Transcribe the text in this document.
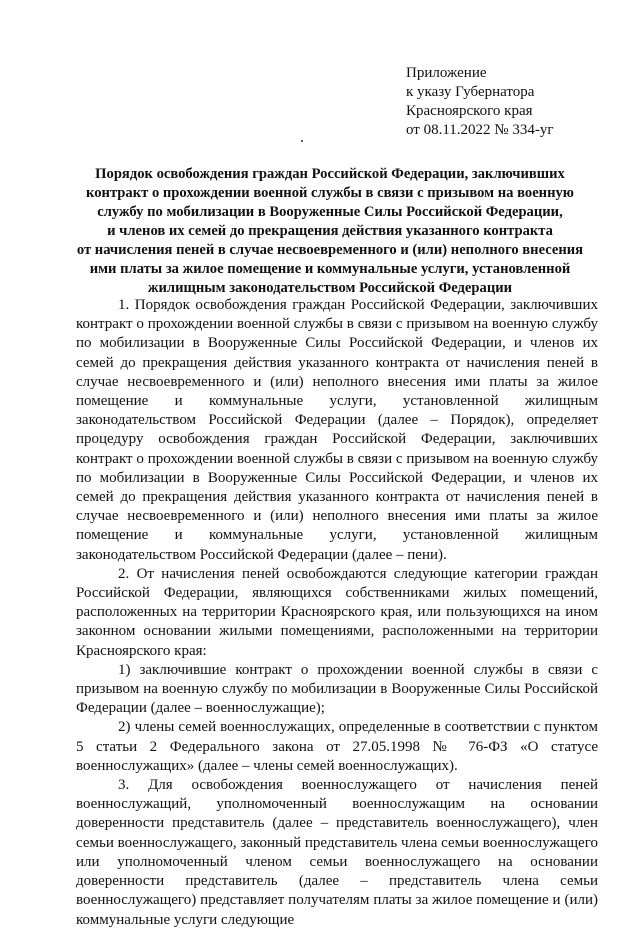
Приложение
к указу Губернатора
Красноярского края
от 08.11.2022 № 334-уг
Порядок освобождения граждан Российской Федерации, заключивших
контракт о прохождении военной службы в связи с призывом на военную
службу по мобилизации в Вооруженные Силы Российской Федерации,
и членов их семей до прекращения действия указанного контракта
от начисления пеней в случае несвоевременного и (или) неполного внесения
ими платы за жилое помещение и коммунальные услуги, установленной
жилищным законодательством Российской Федерации

1. Порядок освобождения граждан Российской Федерации, заключивших контракт о прохождении военной службы в связи с призывом на военную службу по мобилизации в Вооруженные Силы Российской Федерации, и членов их семей до прекращения действия указанного контракта от начисления пеней в случае несвоевременного и (или) неполного внесения ими платы за жилое помещение и коммунальные услуги, установленной жилищным законодательством Российской Федерации (далее – Порядок), определяет процедуру освобождения граждан Российской Федерации, заключивших контракт о прохождении военной службы в связи с призывом на военную службу по мобилизации в Вооруженные Силы Российской Федерации, и членов их семей до прекращения действия указанного контракта от начисления пеней в случае несвоевременного и (или) неполного внесения ими платы за жилое помещение и коммунальные услуги, установленной жилищным законодательством Российской Федерации (далее – пени).

2. От начисления пеней освобождаются следующие категории граждан Российской Федерации, являющихся собственниками жилых помещений, расположенных на территории Красноярского края, или пользующихся на ином законном основании жилыми помещениями, расположенными на территории Красноярского края:

1) заключившие контракт о прохождении военной службы в связи с призывом на военную службу по мобилизации в Вооруженные Силы Российской Федерации (далее – военнослужащие);

2) члены семей военнослужащих, определенные в соответствии с пунктом 5 статьи 2 Федерального закона от 27.05.1998 № 76-ФЗ «О статусе военнослужащих» (далее – члены семей военнослужащих).

3. Для освобождения военнослужащего от начисления пеней военнослужащий, уполномоченный военнослужащим на основании доверенности представитель (далее – представитель военнослужащего), член семьи военнослужащего, законный представитель члена семьи военнослужащего или уполномоченный членом семьи военнослужащего на основании доверенности представитель (далее – представитель члена семьи военнослужащего) представляет получателям платы за жилое помещение и (или) коммунальные услуги следующие
